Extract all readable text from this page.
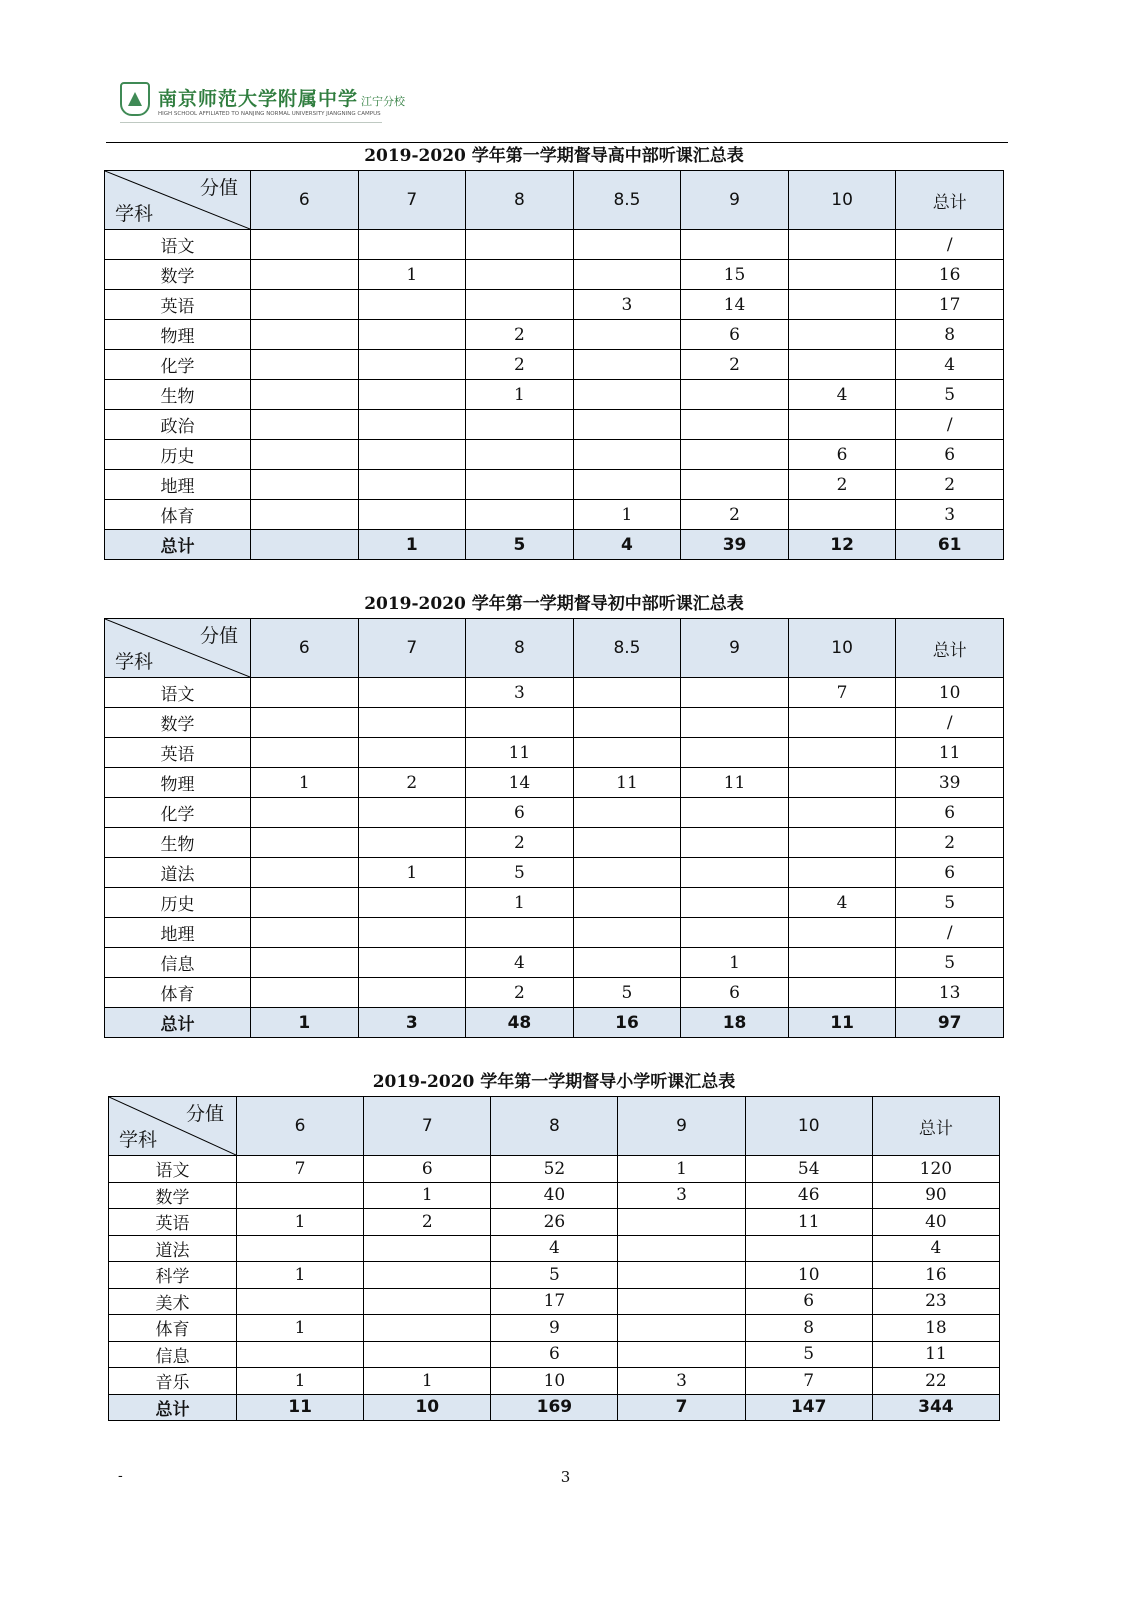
南京师范大学附属中学 江宁分校
HIGH SCHOOL AFFILIATED TO NANJING NORMAL UNIVERSITY JIANGNING CAMPUS
2019-2020 学年第一学期督导高中部听课汇总表
分值
学科	6	7	8	8.5	9	10	总计
语文							/
数学		1			15		16
英语				3	14		17
物理			2		6		8
化学			2		2		4
生物			1			4	5
政治							/
历史						6	6
地理						2	2
体育				1	2		3
总计		1	5	4	39	12	61
2019-2020 学年第一学期督导初中部听课汇总表
分值
学科	6	7	8	8.5	9	10	总计
语文			3			7	10
数学							/
英语			11				11
物理	1	2	14	11	11		39
化学			6				6
生物			2				2
道法		1	5				6
历史			1			4	5
地理							/
信息			4		1		5
体育			2	5	6		13
总计	1	3	48	16	18	11	97
2019-2020 学年第一学期督导小学听课汇总表
分值
学科	6	7	8	9	10	总计
语文	7	6	52	1	54	120
数学		1	40	3	46	90
英语	1	2	26		11	40
道法			4			4
科学	1		5		10	16
美术			17		6	23
体育	1		9		8	18
信息			6		5	11
音乐	1	1	10	3	7	22
总计	11	10	169	7	147	344
-	3
